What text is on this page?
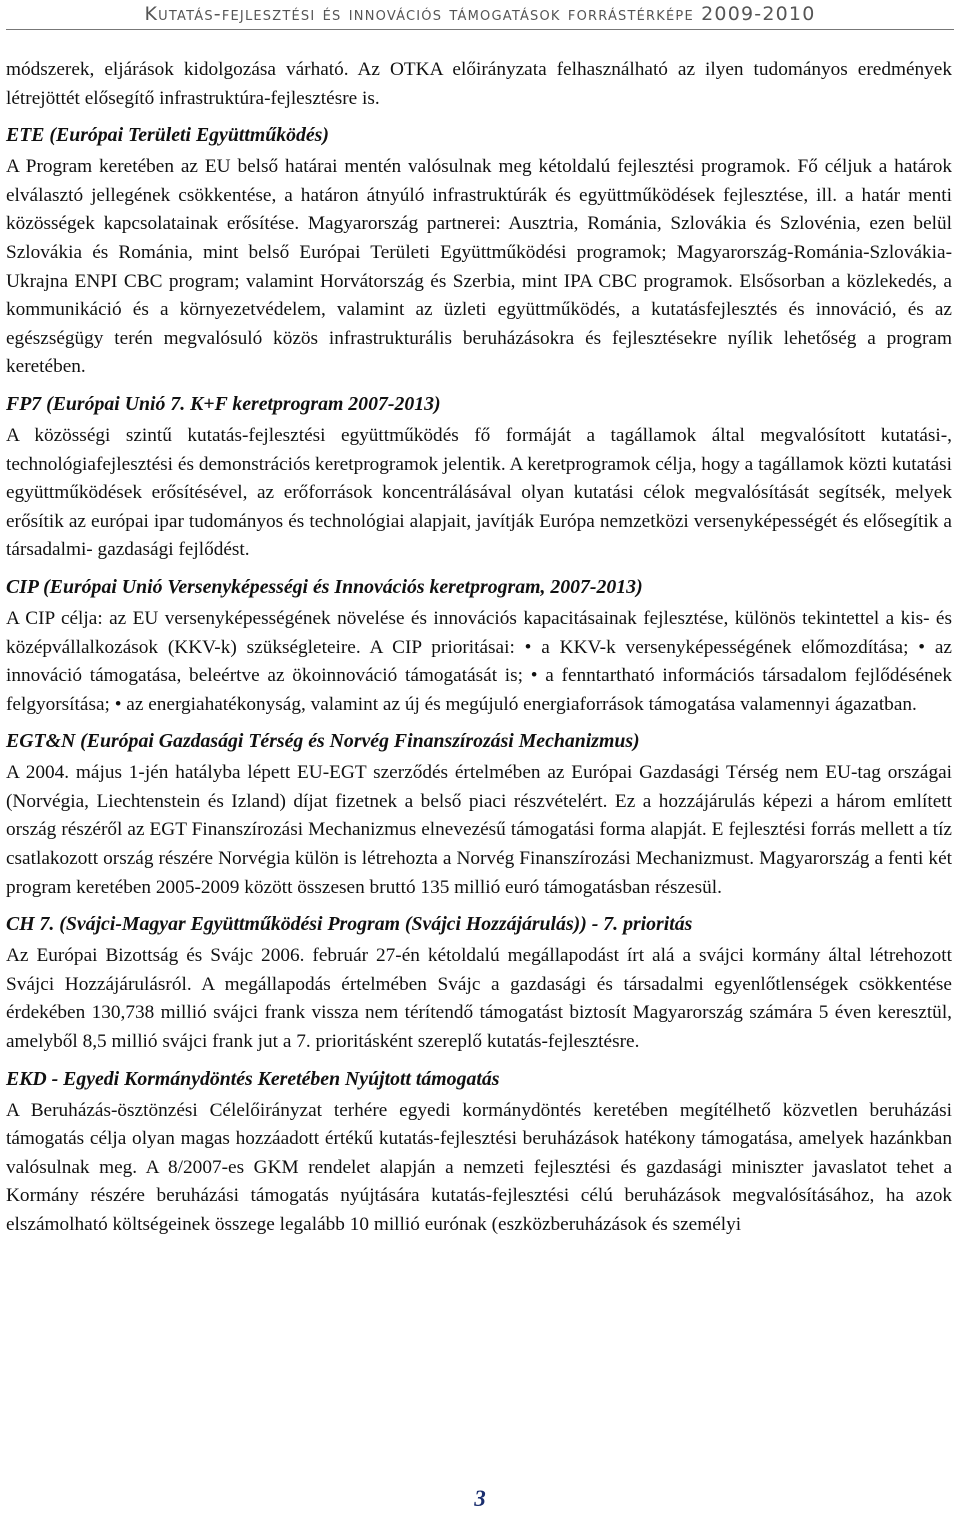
Kutatás-fejlesztési és innovációs támogatások forrástérképe 2009-2010

módszerek, eljárások kidolgozása várható. Az OTKA előirányzata felhasználható az ilyen tudományos eredmények létrejöttét elősegítő infrastruktúra-fejlesztésre is.

ETE (Európai Területi Együttműködés)

A Program keretében az EU belső határai mentén valósulnak meg kétoldalú fejlesztési programok. Fő céljuk a határok elválasztó jellegének csökkentése, a határon átnyúló infrastruktúrák és együttműködések fejlesztése, ill. a határ menti közösségek kapcsolatainak erősítése. Magyarország partnerei: Ausztria, Románia, Szlovákia és Szlovénia, ezen belül Szlovákia és Románia, mint belső Európai Területi Együttműködési programok; Magyarország-Románia-Szlovákia-Ukrajna ENPI CBC program; valamint Horvátország és Szerbia, mint IPA CBC programok. Elsősorban a közlekedés, a kommunikáció és a környezetvédelem, valamint az üzleti együttműködés, a kutatásfejlesztés és innováció, és az egészségügy terén megvalósuló közös infrastrukturális beruházásokra és fejlesztésekre nyílik lehetőség a program keretében.

FP7 (Európai Unió 7. K+F keretprogram 2007-2013)

A közösségi szintű kutatás-fejlesztési együttműködés fő formáját a tagállamok által megvalósított kutatási-, technológiafejlesztési és demonstrációs keretprogramok jelentik. A keretprogramok célja, hogy a tagállamok közti kutatási együttműködések erősítésével, az erőforrások koncentrálásával olyan kutatási célok megvalósítását segítsék, melyek erősítik az európai ipar tudományos és technológiai alapjait, javítják Európa nemzetközi versenyképességét és elősegítik a társadalmi- gazdasági fejlődést.

CIP (Európai Unió Versenyképességi és Innovációs keretprogram, 2007-2013)

A CIP célja: az EU versenyképességének növelése és innovációs kapacitásainak fejlesztése, különös tekintettel a kis- és középvállalkozások (KKV-k) szükségleteire. A CIP prioritásai: • a KKV-k versenyképességének előmozdítása; • az innováció támogatása, beleértve az ökoinnováció támogatását is; • a fenntartható információs társadalom fejlődésének felgyorsítása; • az energiahatékonyság, valamint az új és megújuló energiaforrások támogatása valamennyi ágazatban.

EGT&N (Európai Gazdasági Térség és Norvég Finanszírozási Mechanizmus)

A 2004. május 1-jén hatályba lépett EU-EGT szerződés értelmében az Európai Gazdasági Térség nem EU-tag országai (Norvégia, Liechtenstein és Izland) díjat fizetnek a belső piaci részvételért. Ez a hozzájárulás képezi a három említett ország részéről az EGT Finanszírozási Mechanizmus elnevezésű támogatási forma alapját. E fejlesztési forrás mellett a tíz csatlakozott ország részére Norvégia külön is létrehozta a Norvég Finanszírozási Mechanizmust. Magyarország a fenti két program keretében 2005-2009 között összesen bruttó 135 millió euró támogatásban részesül.

CH 7. (Svájci-Magyar Együttműködési Program (Svájci Hozzájárulás)) - 7. prioritás

Az Európai Bizottság és Svájc 2006. február 27-én kétoldalú megállapodást írt alá a svájci kormány által létrehozott Svájci Hozzájárulásról. A megállapodás értelmében Svájc a gazdasági és társadalmi egyenlőtlenségek csökkentése érdekében 130,738 millió svájci frank vissza nem térítendő támogatást biztosít Magyarország számára 5 éven keresztül, amelyből 8,5 millió svájci frank jut a 7. prioritásként szereplő kutatás-fejlesztésre.

EKD - Egyedi Kormánydöntés Keretében Nyújtott támogatás

A Beruházás-ösztönzési Célelőirányzat terhére egyedi kormánydöntés keretében megítélhető közvetlen beruházási támogatás célja olyan magas hozzáadott értékű kutatás-fejlesztési beruházások hatékony támogatása, amelyek hazánkban valósulnak meg. A 8/2007-es GKM rendelet alapján a nemzeti fejlesztési és gazdasági miniszter javaslatot tehet a Kormány részére beruházási támogatás nyújtására kutatás-fejlesztési célú beruházások megvalósításához, ha azok elszámolható költségeinek összege legalább 10 millió eurónak (eszközberuházások és személyi

3
